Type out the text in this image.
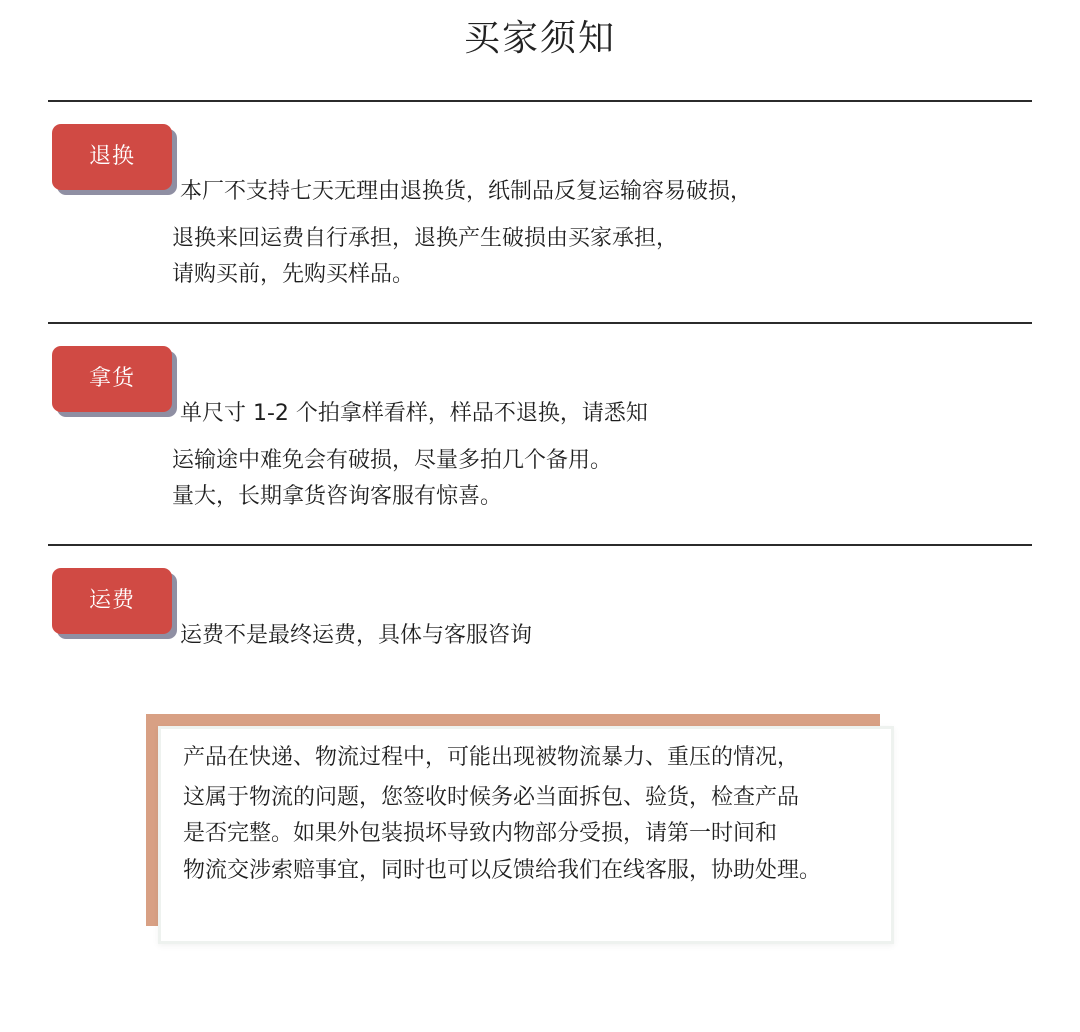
买家须知
退换
本厂不支持七天无理由退换货，纸制品反复运输容易破损，
退换来回运费自行承担，退换产生破损由买家承担，
请购买前，先购买样品。
拿货
单尺寸 1-2 个拍拿样看样，样品不退换，请悉知
运输途中难免会有破损，尽量多拍几个备用。
量大，长期拿货咨询客服有惊喜。
运费
运费不是最终运费，具体与客服咨询
产品在快递、物流过程中，可能出现被物流暴力、重压的情况，
这属于物流的问题，您签收时候务必当面拆包、验货，检查产品
是否完整。如果外包装损坏导致内物部分受损，请第一时间和
物流交涉索赔事宜，同时也可以反馈给我们在线客服，协助处理。
